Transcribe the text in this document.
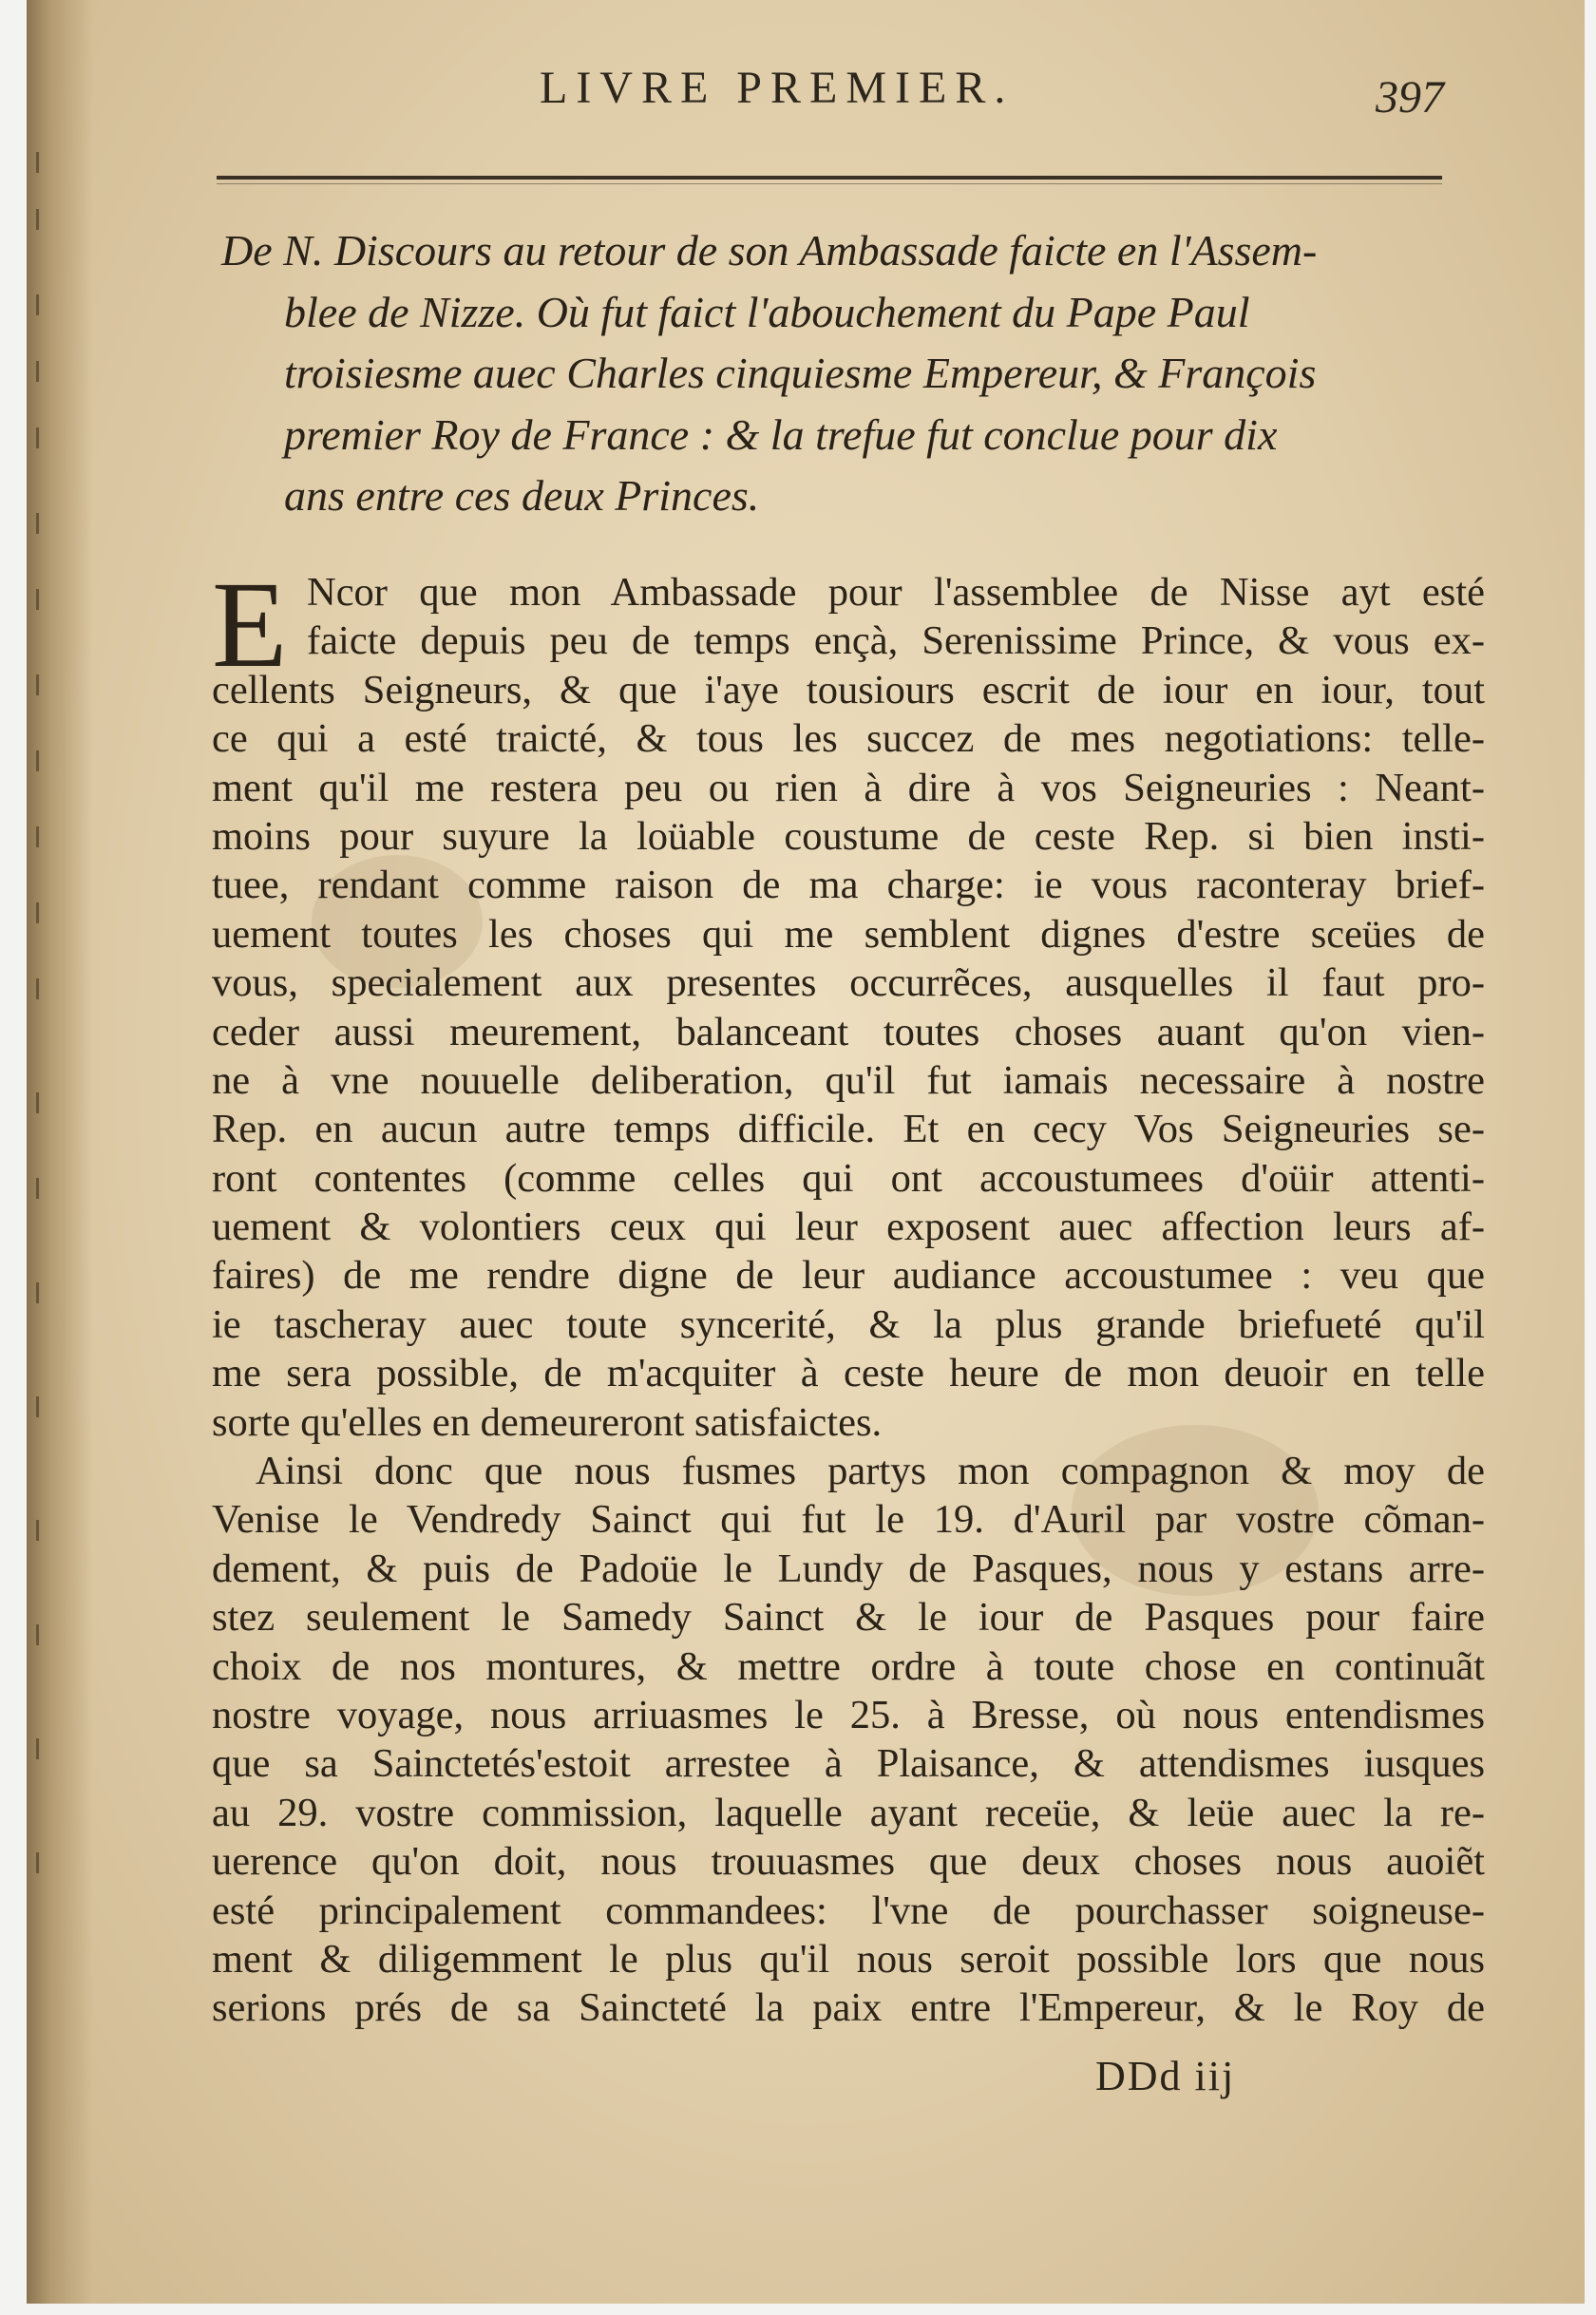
LIVRE PREMIER.	397
De N. Discours au retour de son Ambassade faicte en l'Assem-
blee de Nizze. Où fut faict l'abouchement du Pape Paul
troisiesme auec Charles cinquiesme Empereur, & François
premier Roy de France : & la trefue fut conclue pour dix
ans entre ces deux Princes.
E Ncor que mon Ambassade pour l'assemblee de Nisse ayt esté
faicte depuis peu de temps ençà, Serenissime Prince, & vous ex-
cellents Seigneurs, & que i'aye tousiours escrit de iour en iour, tout
ce qui a esté traicté, & tous les succez de mes negotiations: telle-
ment qu'il me restera peu ou rien à dire à vos Seigneuries : Neant-
moins pour suyure la loüable coustume de ceste Rep. si bien insti-
tuee, rendant comme raison de ma charge: ie vous raconteray brief-
uement toutes les choses qui me semblent dignes d'estre sceües de
vous, specialement aux presentes occurrẽces, ausquelles il faut pro-
ceder aussi meurement, balanceant toutes choses auant qu'on vien-
ne à vne nouuelle deliberation, qu'il fut iamais necessaire à nostre
Rep. en aucun autre temps difficile. Et en cecy Vos Seigneuries se-
ront contentes (comme celles qui ont accoustumees d'oüir attenti-
uement & volontiers ceux qui leur exposent auec affection leurs af-
faires) de me rendre digne de leur audiance accoustumee : veu que
ie tascheray auec toute syncerité, & la plus grande briefueté qu'il
me sera possible, de m'acquiter à ceste heure de mon deuoir en telle
sorte qu'elles en demeureront satisfaictes.
Ainsi donc que nous fusmes partys mon compagnon & moy de
Venise le Vendredy Sainct qui fut le 19. d'Auril par vostre cõman-
dement, & puis de Padoüe le Lundy de Pasques, nous y estans arre-
stez seulement le Samedy Sainct & le iour de Pasques pour faire
choix de nos montures, & mettre ordre à toute chose en continuãt
nostre voyage, nous arriuasmes le 25. à Bresse, où nous entendismes
que sa Sainctetés'estoit arrestee à Plaisance, & attendismes iusques
au 29. vostre commission, laquelle ayant receüe, & leüe auec la re-
uerence qu'on doit, nous trouuasmes que deux choses nous auoiẽt
esté principalement commandees: l'vne de pourchasser soigneuse-
ment & diligemment le plus qu'il nous seroit possible lors que nous
serions prés de sa Saincteté la paix entre l'Empereur, & le Roy de
DDd iij
